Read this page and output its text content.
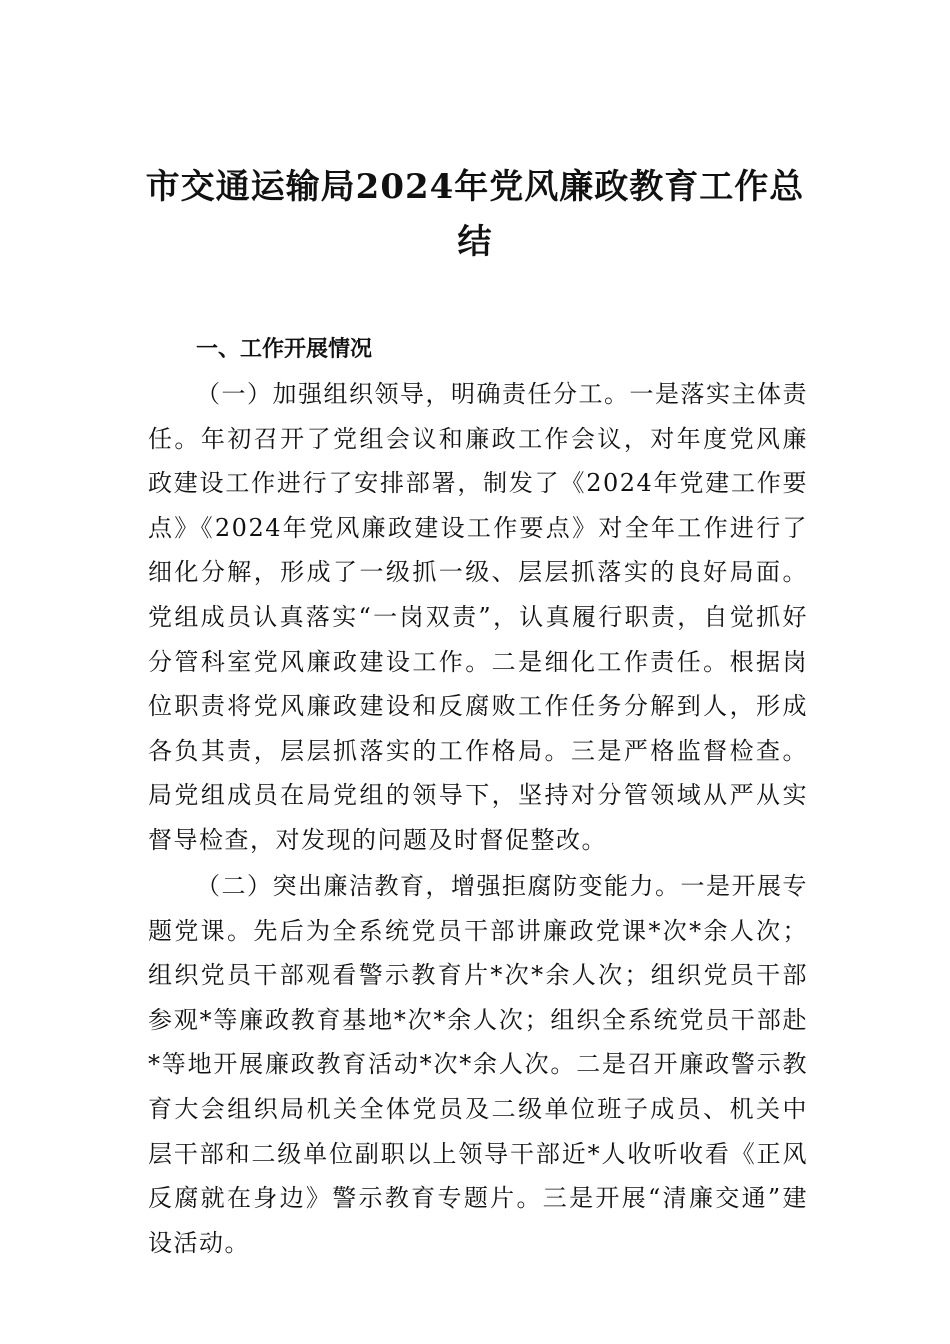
市交通运输局2024年党风廉政教育工作总结
一、工作开展情况

（一）加强组织领导，明确责任分工。一是落实主体责任。年初召开了党组会议和廉政工作会议，对年度党风廉政建设工作进行了安排部署，制发了《2024年党建工作要点》《2024年党风廉政建设工作要点》对全年工作进行了细化分解，形成了一级抓一级、层层抓落实的良好局面。党组成员认真落实“一岗双责”，认真履行职责，自觉抓好分管科室党风廉政建设工作。二是细化工作责任。根据岗位职责将党风廉政建设和反腐败工作任务分解到人，形成各负其责，层层抓落实的工作格局。三是严格监督检查。局党组成员在局党组的领导下，坚持对分管领域从严从实督导检查，对发现的问题及时督促整改。

（二）突出廉洁教育，增强拒腐防变能力。一是开展专题党课。先后为全系统党员干部讲廉政党课*次*余人次；组织党员干部观看警示教育片*次*余人次；组织党员干部参观*等廉政教育基地*次*余人次；组织全系统党员干部赴*等地开展廉政教育活动*次*余人次。二是召开廉政警示教育大会组织局机关全体党员及二级单位班子成员、机关中层干部和二级单位副职以上领导干部近*人收听收看《正风反腐就在身边》警示教育专题片。三是开展“清廉交通”建设活动。
